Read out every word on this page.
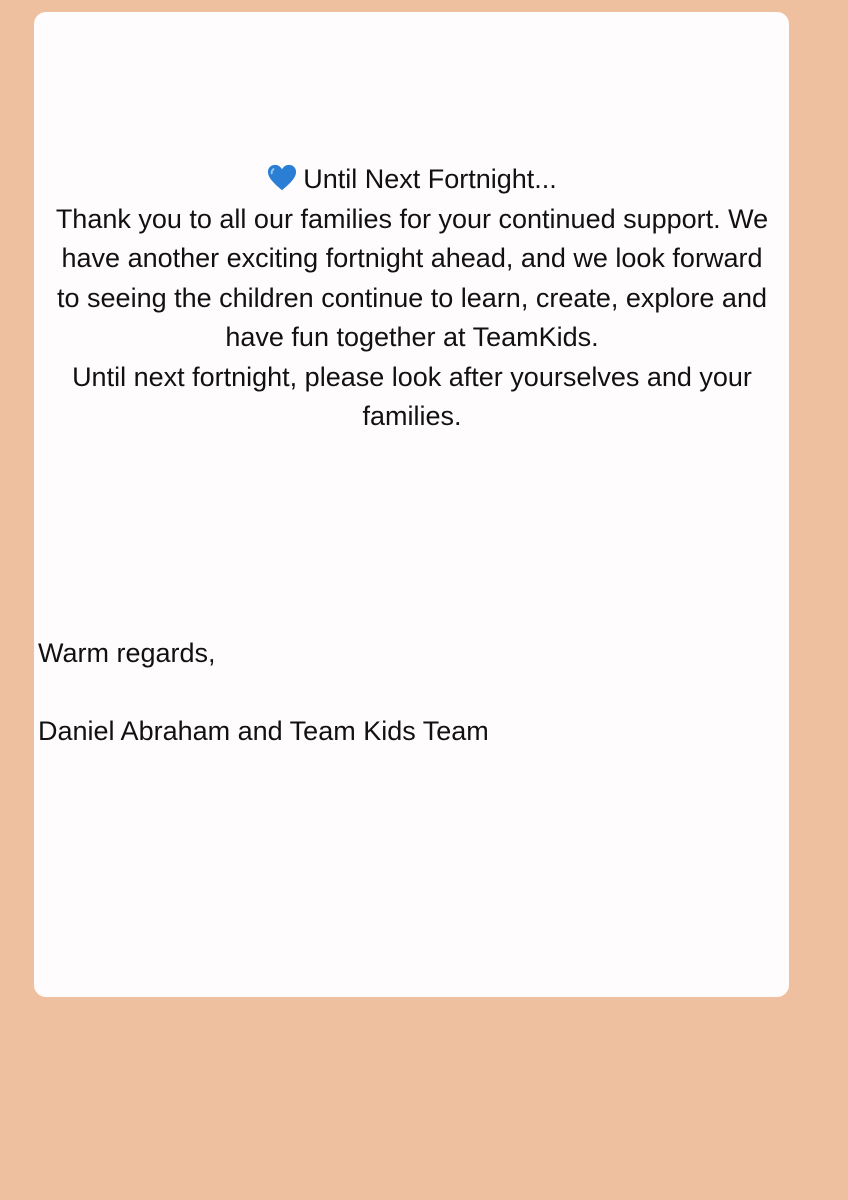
Until Next Fortnight...

Thank you to all our families for your continued support. We have another exciting fortnight ahead, and we look forward to seeing the children continue to learn, create, explore and have fun together at TeamKids.

Until next fortnight, please look after yourselves and your families.

Warm regards,

Daniel Abraham and Team Kids Team
